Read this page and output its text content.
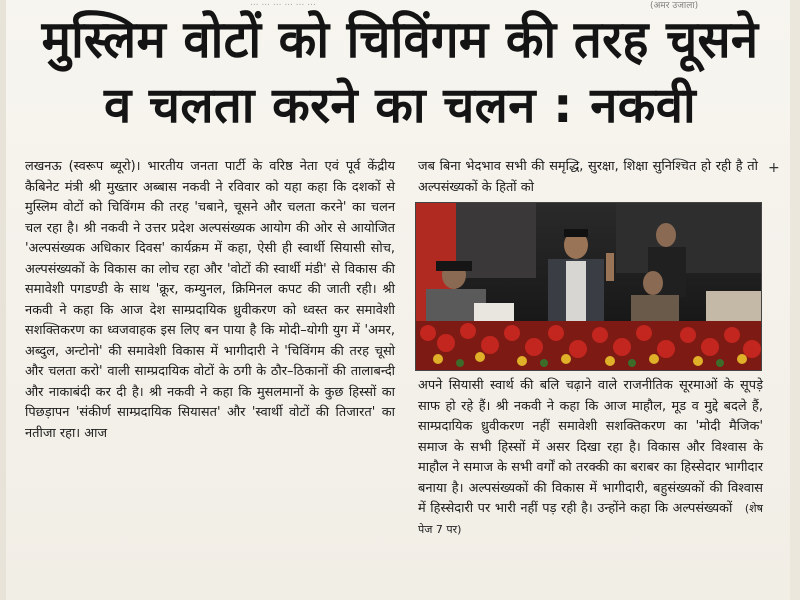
... ... ... ... ... ...	(अमर उजाला)
मुस्लिम वोटों को चिविंगम की तरह चूसने
व चलता करने का चलन : नकवी

लखनऊ (स्वरूप ब्यूरो)। भारतीय जनता पार्टी के वरिष्ठ नेता एवं पूर्व केंद्रीय कैबिनेट मंत्री श्री मुख्तार अब्बास नकवी ने रविवार को यहा कहा कि दशकों से मुस्लिम वोटों को चिविंगम की तरह 'चबाने, चूसने और चलता करने' का चलन चल रहा है। श्री नकवी ने उत्तर प्रदेश अल्पसंख्यक आयोग की ओर से आयोजित 'अल्पसंख्यक अधिकार दिवस' कार्यक्रम में कहा, ऐसी ही स्वार्थी सियासी सोच, अल्पसंख्यकों के विकास का लोच रहा और 'वोटों की स्वार्थी मंडी' से विकास की समावेशी पगडण्डी के साथ 'क्रूर, कम्युनल, क्रिमिनल कपट की जाती रही। श्री नकवी ने कहा कि आज देश साम्प्रदायिक ध्रुवीकरण को ध्वस्त कर समावेशी सशक्तिकरण का ध्वजवाहक इस लिए बन पाया है कि मोदी–योगी युग में 'अमर, अब्दुल, अन्टोनो' की समावेशी विकास में भागीदारी ने 'चिविंगम की तरह चूसो और चलता करो' वाली साम्प्रदायिक वोटों के ठगी के ठौर–ठिकानों की तालाबन्दी और नाकाबंदी कर दी है। श्री नकवी ने कहा कि मुसलमानों के कुछ हिस्सों का पिछड़ापन 'संकीर्ण साम्प्रदायिक सियासत' और 'स्वार्थी वोटों की तिजारत' का नतीजा रहा। आज

जब बिना भेदभाव सभी की समृद्धि, सुरक्षा, शिक्षा सुनिश्चित हो रही है तो अल्पसंख्यकों के हितों को

+

अपने सियासी स्वार्थ की बलि चढ़ाने वाले राजनीतिक सूरमाओं के सूपड़े साफ हो रहे हैं। श्री नकवी ने कहा कि आज माहौल, मूड व मुद्दे बदले हैं, साम्प्रदायिक ध्रुवीकरण नहीं समावेशी सशक्तिकरण का 'मोदी मैजिक' समाज के सभी हिस्सों में असर दिखा रहा है। विकास और विश्वास के माहौल ने समाज के सभी वर्गों को तरक्की का बराबर का हिस्सेदार भागीदार बनाया है। अल्पसंख्यकों की विकास में भागीदारी, बहुसंख्यकों की विश्वास में हिस्सेदारी पर भारी नहीं पड़ रही है। उन्होंने कहा कि अल्पसंख्यकों (शेष पेज 7 पर)
